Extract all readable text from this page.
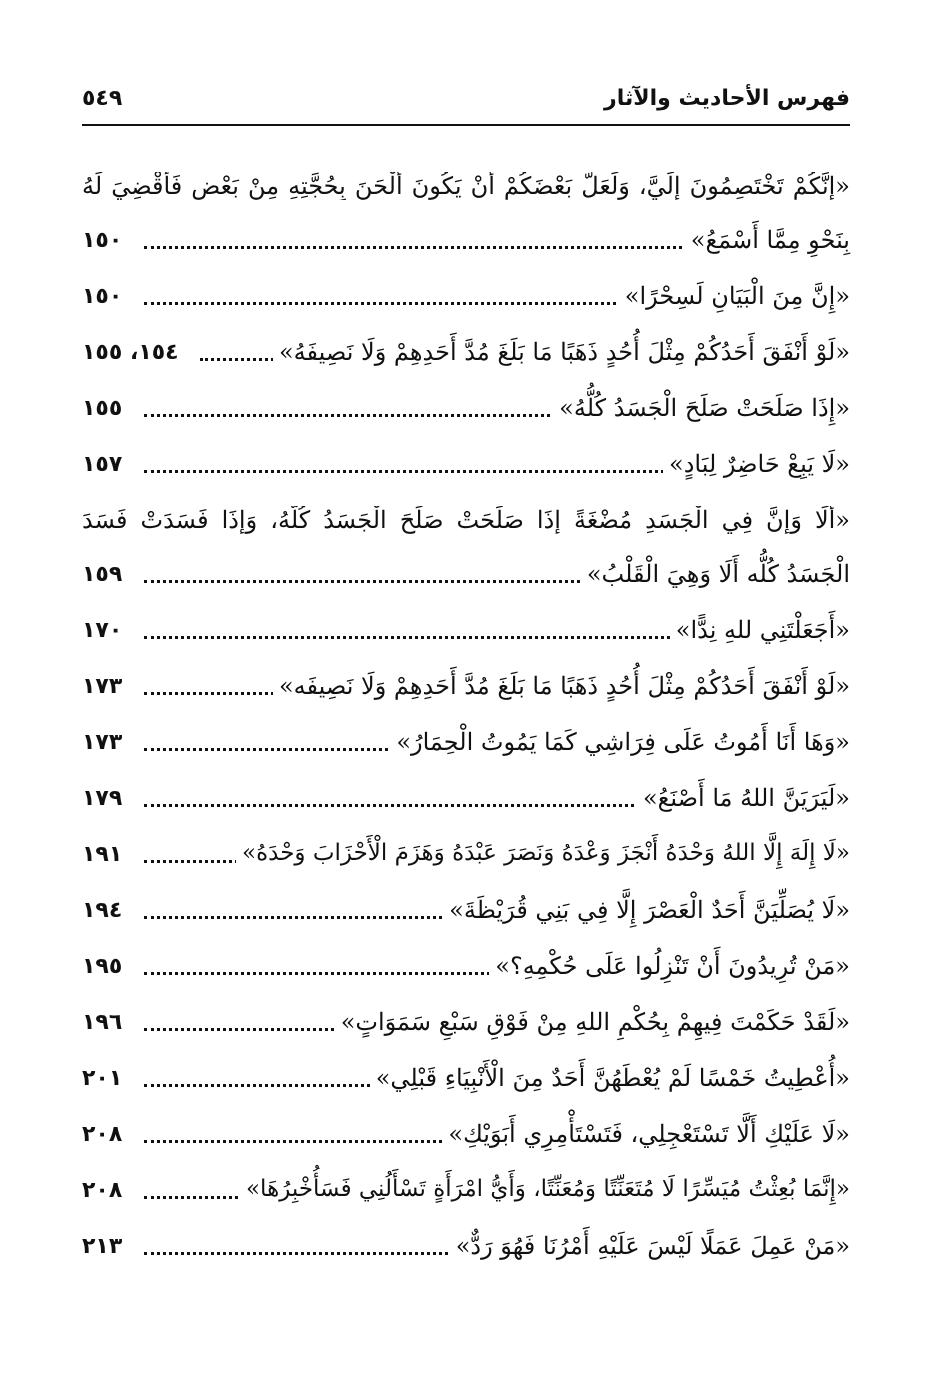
فهرس الأحاديث والآثار
٥٤٩
«إِنَّكُمْ تَخْتَصِمُونَ إِلَيَّ، وَلَعَلَّ بَعْضَكُمْ أَنْ يَكُونَ أَلْحَنَ بِحُجَّتِهِ مِنْ بَعْضٍ فَأَقْضِيَ لَهُ
بِنَحْوِ مِمَّا أَسْمَعُ»
١٥٠
«إِنَّ مِنَ الْبَيَانِ لَسِحْرًا»
١٥٠
«لَوْ أَنْفَقَ أَحَدُكُمْ مِثْلَ أُحُدٍ ذَهَبًا مَا بَلَغَ مُدَّ أَحَدِهِمْ وَلَا نَصِيفَهُ»
١٥٤، ١٥٥
«إِذَا صَلَحَتْ صَلَحَ الْجَسَدُ كُلُّهُ»
١٥٥
«لَا يَبِعْ حَاضِرٌ لِبَادٍ»
١٥٧
«أَلَا وَإِنَّ فِي الْجَسَدِ مُضْغَةً إِذَا صَلَحَتْ صَلَحَ الْجَسَدُ كُلُّهُ، وَإِذَا فَسَدَتْ فَسَدَ
الْجَسَدُ كُلُّه أَلَا وَهِيَ الْقَلْبُ»
١٥٩
«أَجَعَلْتَنِي للهِ نِدًّا»
١٧٠
«لَوْ أَنْفَقَ أَحَدُكُمْ مِثْلَ أُحُدٍ ذَهَبًا مَا بَلَغَ مُدَّ أَحَدِهِمْ وَلَا نَصِيفَه»
١٧٣
«وَهَا أَنَا أَمُوتُ عَلَى فِرَاشِي كَمَا يَمُوتُ الْحِمَارُ»
١٧٣
«لَيَرَيَنَّ اللهُ مَا أَصْنَعُ»
١٧٩
«لَا إِلَهَ إِلَّا اللهُ وَحْدَهُ أَنْجَزَ وَعْدَهُ وَنَصَرَ عَبْدَهُ وَهَزَمَ الْأَحْزَابَ وَحْدَهُ»
١٩١
«لَا يُصَلِّيَنَّ أَحَدٌ الْعَصْرَ إِلَّا فِي بَنِي قُرَيْظَةَ»
١٩٤
«مَنْ تُرِيدُونَ أَنْ تَنْزِلُوا عَلَى حُكْمِهِ؟»
١٩٥
«لَقَدْ حَكَمْتَ فِيهِمْ بِحُكْمِ اللهِ مِنْ فَوْقِ سَبْعِ سَمَوَاتٍ»
١٩٦
«أُعْطِيتُ خَمْسًا لَمْ يُعْطَهُنَّ أَحَدٌ مِنَ الْأَنْبِيَاءِ قَبْلِي»
٢٠١
«لَا عَلَيْكِ أَلَّا تَسْتَعْجِلِي، فَتَسْتَأْمِرِي أَبَوَيْكِ»
٢٠٨
«إِنَّمَا بُعِثْتُ مُيَسِّرًا لَا مُتَعَنِّتًا وَمُعَنِّتًا، وَأَيُّ امْرَأَةٍ تَسْأَلُنِي فَسَأُخْبِرُهَا»
٢٠٨
«مَنْ عَمِلَ عَمَلًا لَيْسَ عَلَيْهِ أَمْرُنَا فَهُوَ رَدٌّ»
٢١٣
